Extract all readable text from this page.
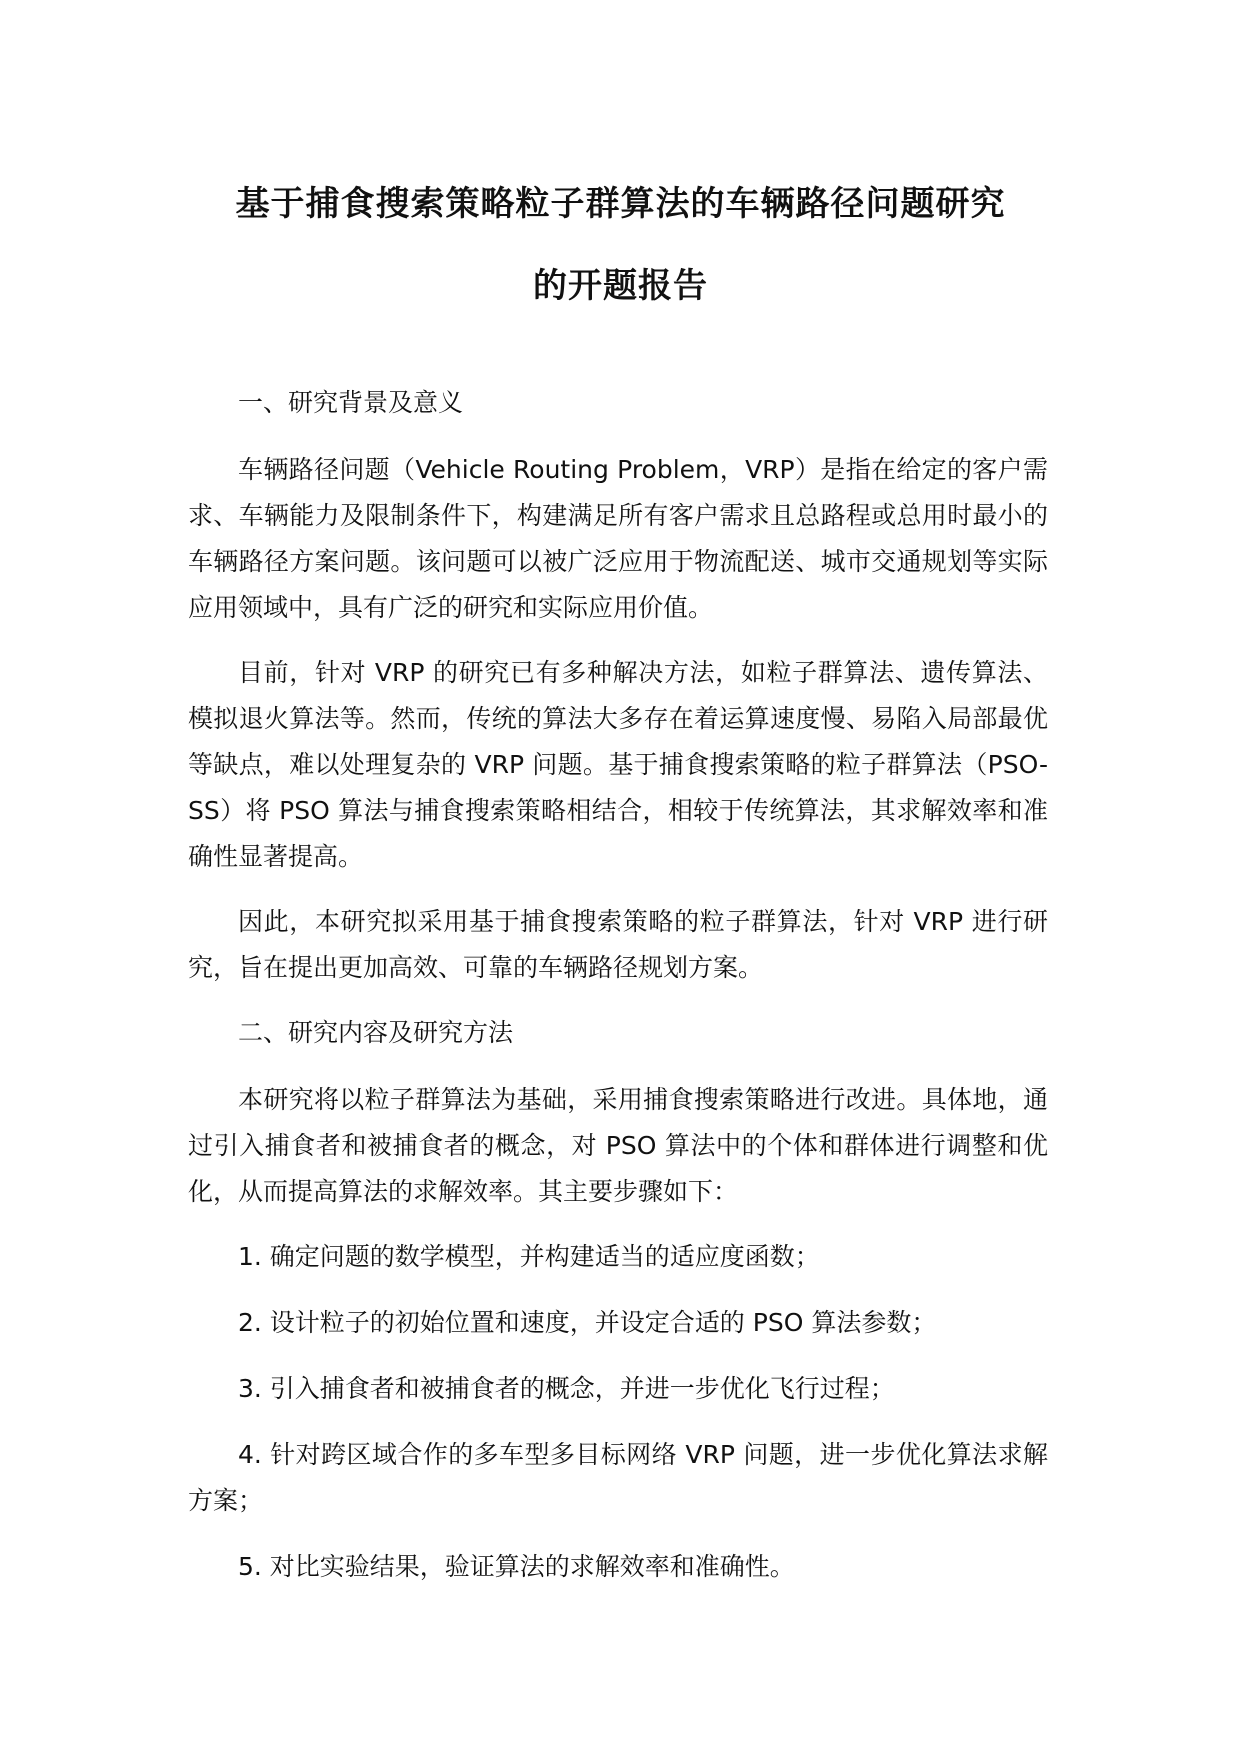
基于捕食搜索策略粒子群算法的车辆路径问题研究
的开题报告

一、研究背景及意义

车辆路径问题（Vehicle Routing Problem，VRP）是指在给定的客户需求、车辆能力及限制条件下，构建满足所有客户需求且总路程或总用时最小的车辆路径方案问题。该问题可以被广泛应用于物流配送、城市交通规划等实际应用领域中，具有广泛的研究和实际应用价值。

目前，针对 VRP 的研究已有多种解决方法，如粒子群算法、遗传算法、模拟退火算法等。然而，传统的算法大多存在着运算速度慢、易陷入局部最优等缺点，难以处理复杂的 VRP 问题。基于捕食搜索策略的粒子群算法（PSO-SS）将 PSO 算法与捕食搜索策略相结合，相较于传统算法，其求解效率和准确性显著提高。

因此，本研究拟采用基于捕食搜索策略的粒子群算法，针对 VRP 进行研究，旨在提出更加高效、可靠的车辆路径规划方案。

二、研究内容及研究方法

本研究将以粒子群算法为基础，采用捕食搜索策略进行改进。具体地，通过引入捕食者和被捕食者的概念，对 PSO 算法中的个体和群体进行调整和优化，从而提高算法的求解效率。其主要步骤如下：

1. 确定问题的数学模型，并构建适当的适应度函数；

2. 设计粒子的初始位置和速度，并设定合适的 PSO 算法参数；

3. 引入捕食者和被捕食者的概念，并进一步优化飞行过程；

4. 针对跨区域合作的多车型多目标网络 VRP 问题，进一步优化算法求解方案；

5. 对比实验结果，验证算法的求解效率和准确性。
